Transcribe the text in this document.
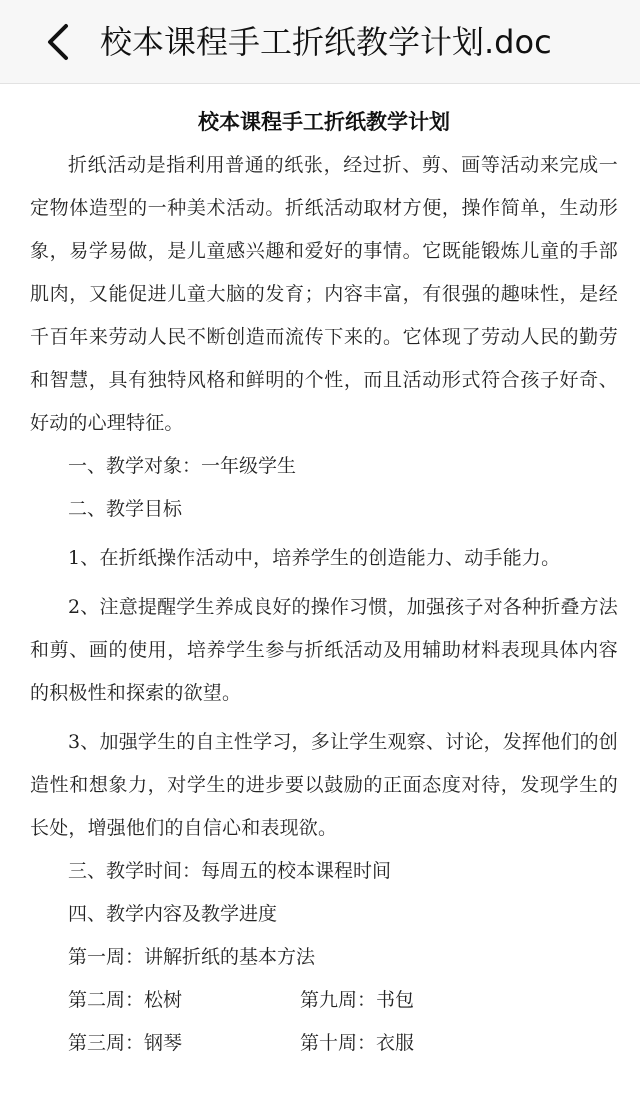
校本课程手工折纸教学计划.doc
校本课程手工折纸教学计划

折纸活动是指利用普通的纸张，经过折、剪、画等活动来完成一定物体造型的一种美术活动。折纸活动取材方便，操作简单，生动形象，易学易做，是儿童感兴趣和爱好的事情。它既能锻炼儿童的手部肌肉，又能促进儿童大脑的发育；内容丰富，有很强的趣味性，是经千百年来劳动人民不断创造而流传下来的。它体现了劳动人民的勤劳和智慧，具有独特风格和鲜明的个性，而且活动形式符合孩子好奇、好动的心理特征。

一、教学对象：一年级学生

二、教学目标

1、在折纸操作活动中，培养学生的创造能力、动手能力。

2、注意提醒学生养成良好的操作习惯，加强孩子对各种折叠方法和剪、画的使用，培养学生参与折纸活动及用辅助材料表现具体内容的积极性和探索的欲望。

3、加强学生的自主性学习，多让学生观察、讨论，发挥他们的创造性和想象力，对学生的进步要以鼓励的正面态度对待，发现学生的长处，增强他们的自信心和表现欲。

三、教学时间：每周五的校本课程时间

四、教学内容及教学进度

第一周：讲解折纸的基本方法

第二周：松树	第九周：书包
第三周：钢琴	第十周：衣服
